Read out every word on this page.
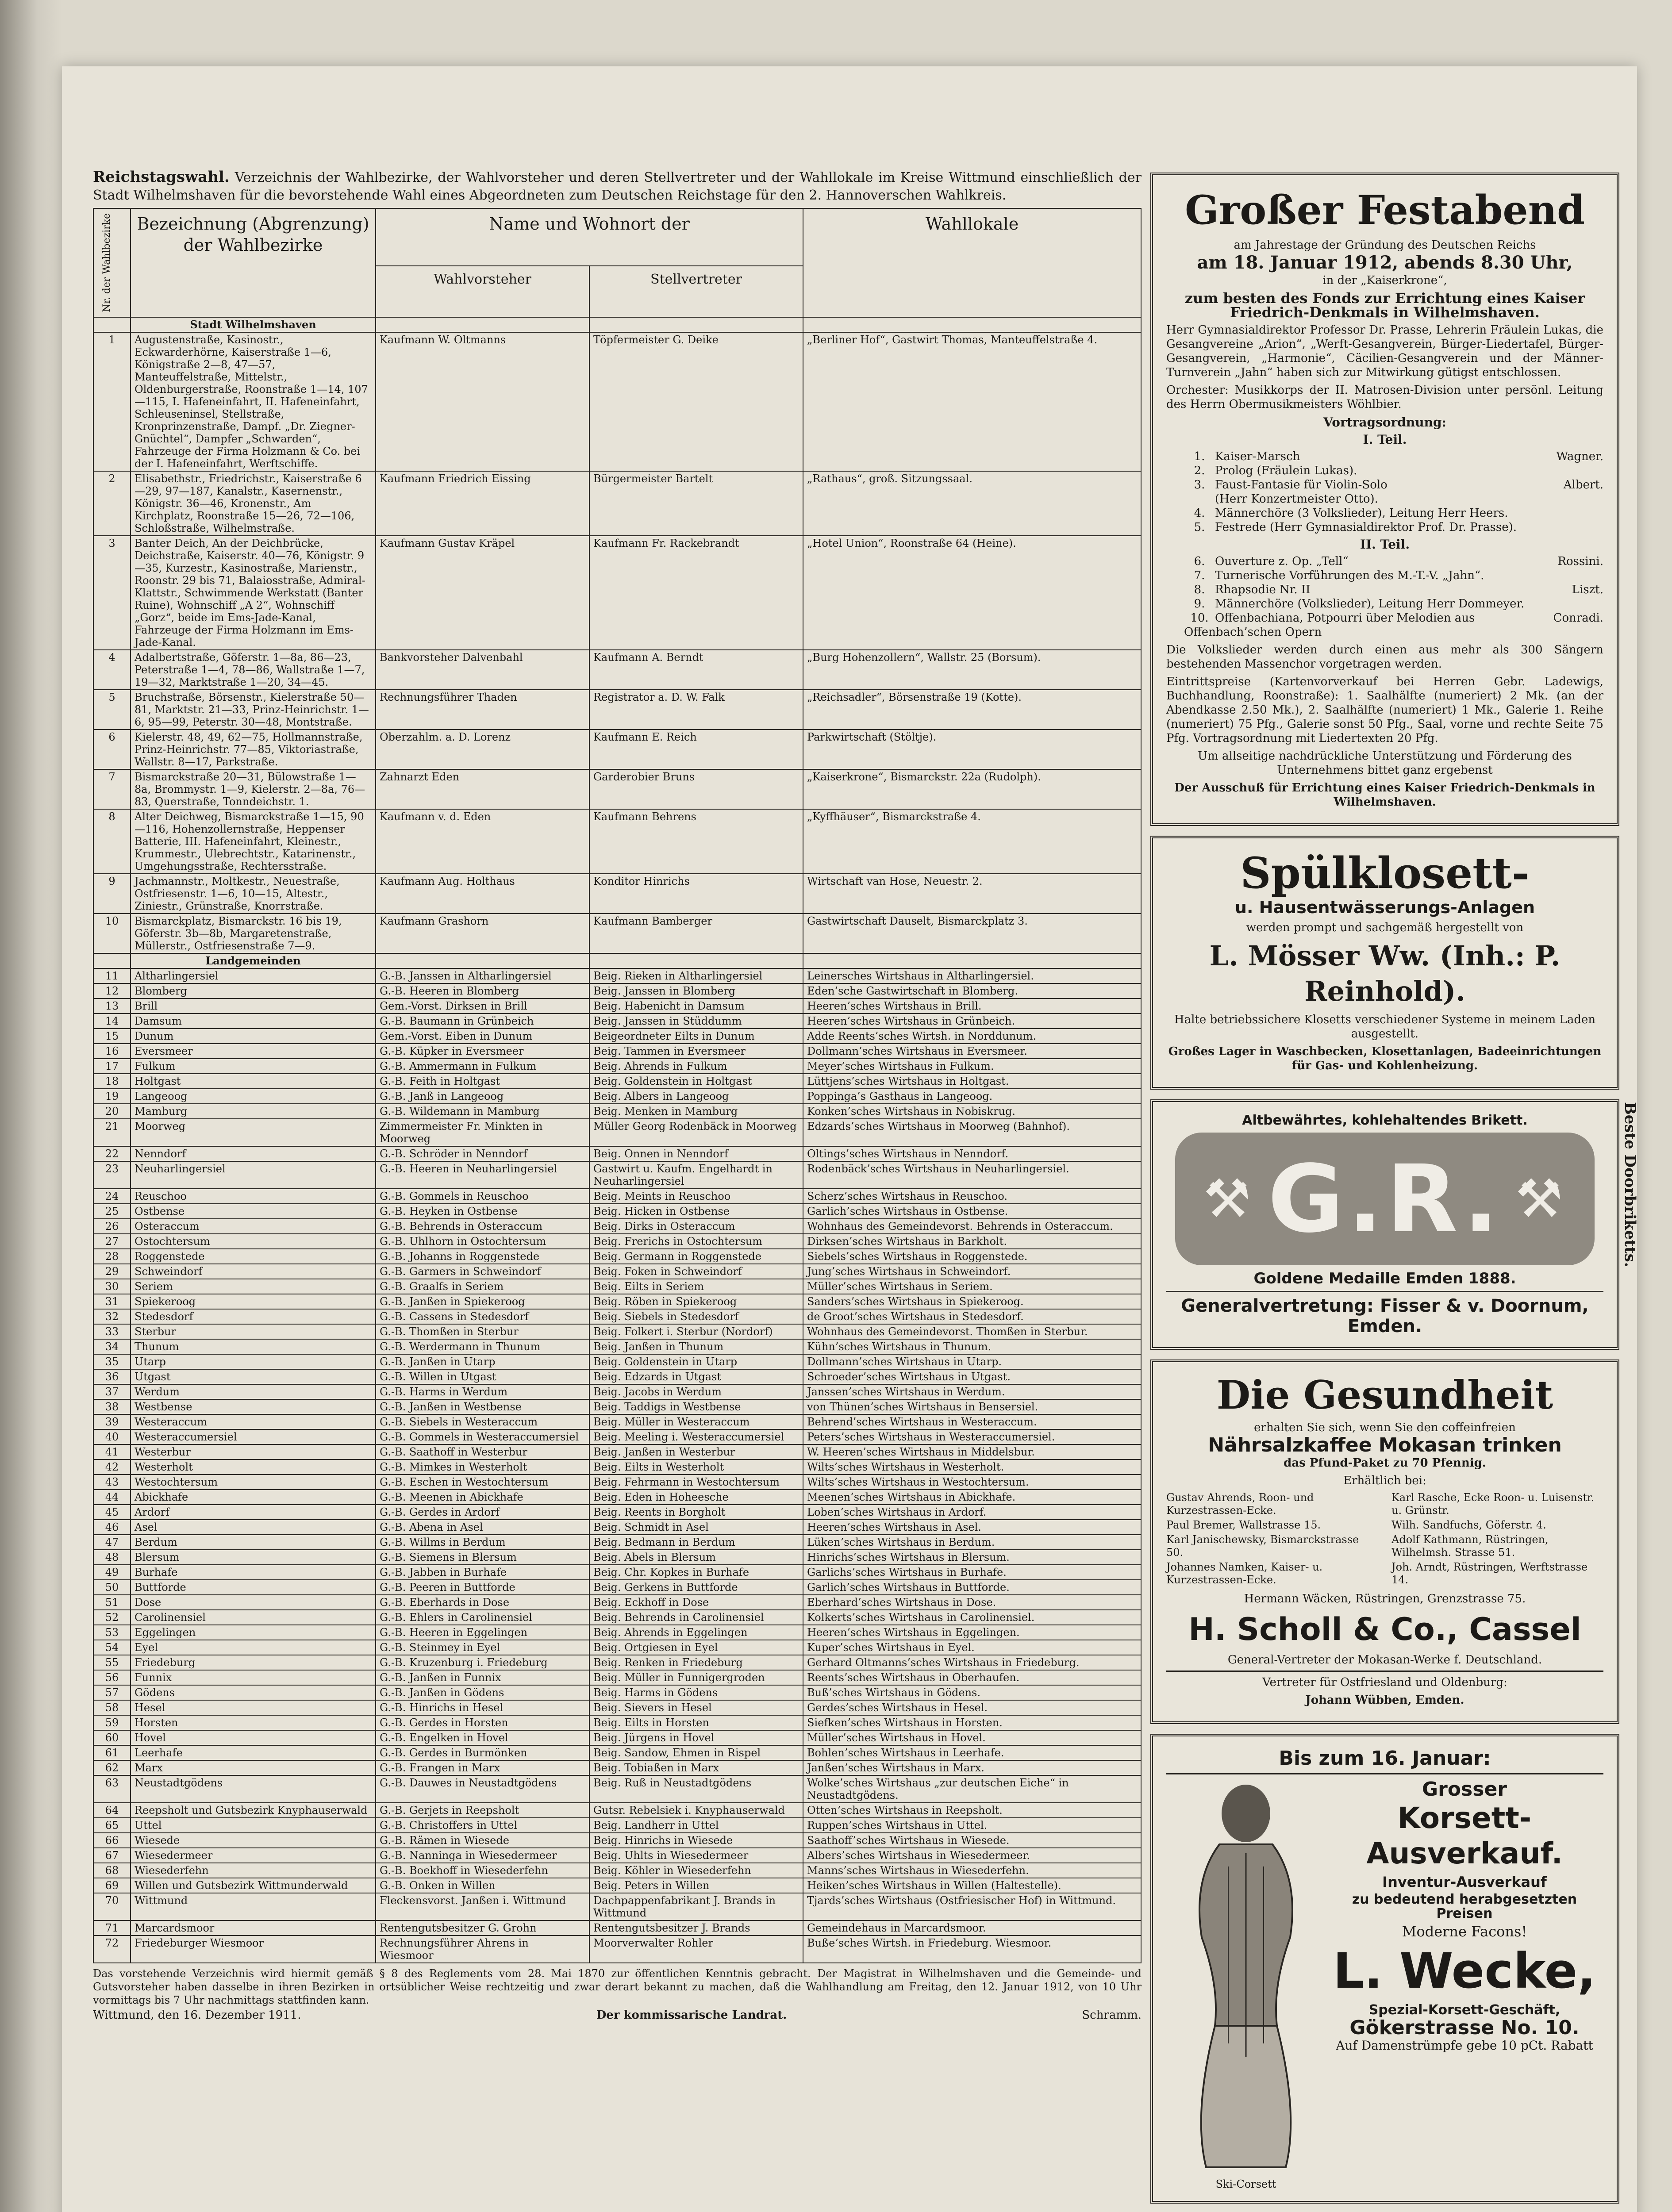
Reichstagswahl. Verzeichnis der Wahlbezirke, der Wahlvorsteher und deren Stellvertreter und der Wahllokale im Kreise Wittmund einschließlich der Stadt Wilhelmshaven für die bevorstehende Wahl eines Abgeordneten zum Deutschen Reichstage für den 2. Hannoverschen Wahlkreis.
Nr. der Wahlbezirke	Bezeichnung (Abgrenzung) der Wahlbezirke	Name und Wohnort der		Wahllokale
		Wahlvorsteher	Stellvertreter	
	Stadt Wilhelmshaven			
1	Augustenstraße, Kasinostr., Eckwarderhörne, Kaiserstraße 1—6, Königstraße 2—8, 47—57, Manteuffelstraße, Mittelstr., Oldenburgerstraße, Roonstraße 1—14, 107—115, I. Hafeneinfahrt, II. Hafeneinfahrt, Schleuseninsel, Stellstraße, Kronprinzenstraße, Dampf. „Dr. Ziegner-Gnüchtel“, Dampfer „Schwarden“, Fahrzeuge der Firma Holzmann & Co. bei der I. Hafeneinfahrt, Werftschiffe.	Kaufmann W. Oltmanns	Töpfermeister G. Deike	„Berliner Hof“, Gastwirt Thomas, Manteuffelstraße 4.
2	Elisabethstr., Friedrichstr., Kaiserstraße 6—29, 97—187, Kanalstr., Kasernenstr., Königstr. 36—46, Kronenstr., Am Kirchplatz, Roonstraße 15—26, 72—106, Schloßstraße, Wilhelmstraße.	Kaufmann Friedrich Eissing	Bürgermeister Bartelt	„Rathaus“, groß. Sitzungssaal.
3	Banter Deich, An der Deichbrücke, Deichstraße, Kaiserstr. 40—76, Königstr. 9—35, Kurzestr., Kasinostraße, Marienstr., Roonstr. 29 bis 71, Balaiosstraße, Admiral-Klattstr., Schwimmende Werkstatt (Banter Ruine), Wohnschiff „A 2“, Wohnschiff „Gorz“, beide im Ems-Jade-Kanal, Fahrzeuge der Firma Holzmann im Ems-Jade-Kanal.	Kaufmann Gustav Kräpel	Kaufmann Fr. Rackebrandt	„Hotel Union“, Roonstraße 64 (Heine).
4	Adalbertstraße, Göferstr. 1—8a, 86—23, Peterstraße 1—4, 78—86, Wallstraße 1—7, 19—32, Marktstraße 1—20, 34—45.	Bankvorsteher Dalvenbahl	Kaufmann A. Berndt	„Burg Hohenzollern“, Wallstr. 25 (Borsum).
5	Bruchstraße, Börsenstr., Kielerstraße 50—81, Marktstr. 21—33, Prinz-Heinrichstr. 1—6, 95—99, Peterstr. 30—48, Montstraße.	Rechnungsführer Thaden	Registrator a. D. W. Falk	„Reichsadler“, Börsenstraße 19 (Kotte).
6	Kielerstr. 48, 49, 62—75, Hollmannstraße, Prinz-Heinrichstr. 77—85, Viktoriastraße, Wallstr. 8—17, Parkstraße.	Oberzahlm. a. D. Lorenz	Kaufmann E. Reich	Parkwirtschaft (Stöltje).
7	Bismarckstraße 20—31, Bülowstraße 1—8a, Brommystr. 1—9, Kielerstr. 2—8a, 76—83, Querstraße, Tonndeichstr. 1.	Zahnarzt Eden	Garderobier Bruns	„Kaiserkrone“, Bismarckstr. 22a (Rudolph).
8	Alter Deichweg, Bismarckstraße 1—15, 90—116, Hohenzollernstraße, Heppenser Batterie, III. Hafeneinfahrt, Kleinestr., Krummestr., Ulebrechtstr., Katarinenstr., Umgehungsstraße, Rechtersstraße.	Kaufmann v. d. Eden	Kaufmann Behrens	„Kyffhäuser“, Bismarckstraße 4.
9	Jachmannstr., Moltkestr., Neuestraße, Ostfriesenstr. 1—6, 10—15, Altestr., Ziniestr., Grünstraße, Knorrstraße.	Kaufmann Aug. Holthaus	Konditor Hinrichs	Wirtschaft van Hose, Neuestr. 2.
10	Bismarckplatz, Bismarckstr. 16 bis 19, Göferstr. 3b—8b, Margaretenstraße, Müllerstr., Ostfriesenstraße 7—9.	Kaufmann Grashorn	Kaufmann Bamberger	Gastwirtschaft Dauselt, Bismarckplatz 3.
	Landgemeinden			
11	Altharlingersiel	G.-B. Janssen in Altharlingersiel	Beig. Rieken in Altharlingersiel	Leinersches Wirtshaus in Altharlingersiel.
12	Blomberg	G.-B. Heeren in Blomberg	Beig. Janssen in Blomberg	Eden’sche Gastwirtschaft in Blomberg.
13	Brill	Gem.-Vorst. Dirksen in Brill	Beig. Habenicht in Damsum	Heeren’sches Wirtshaus in Brill.
14	Damsum	G.-B. Baumann in Grünbeich	Beig. Janssen in Stüddumm	Heeren’sches Wirtshaus in Grünbeich.
15	Dunum	Gem.-Vorst. Eiben in Dunum	Beigeordneter Eilts in Dunum	Adde Reents’sches Wirtsh. in Norddunum.
16	Eversmeer	G.-B. Küpker in Eversmeer	Beig. Tammen in Eversmeer	Dollmann’sches Wirtshaus in Eversmeer.
17	Fulkum	G.-B. Ammermann in Fulkum	Beig. Ahrends in Fulkum	Meyer’sches Wirtshaus in Fulkum.
18	Holtgast	G.-B. Feith in Holtgast	Beig. Goldenstein in Holtgast	Lüttjens’sches Wirtshaus in Holtgast.
19	Langeoog	G.-B. Janß in Langeoog	Beig. Albers in Langeoog	Poppinga’s Gasthaus in Langeoog.
20	Mamburg	G.-B. Wildemann in Mamburg	Beig. Menken in Mamburg	Konken’sches Wirtshaus in Nobiskrug.
21	Moorweg	Zimmermeister Fr. Minkten in Moorweg	Müller Georg Rodenbäck in Moorweg	Edzards’sches Wirtshaus in Moorweg (Bahnhof).
22	Nenndorf	G.-B. Schröder in Nenndorf	Beig. Onnen in Nenndorf	Oltings’sches Wirtshaus in Nenndorf.
23	Neuharlingersiel	G.-B. Heeren in Neuharlingersiel	Gastwirt u. Kaufm. Engelhardt in Neuharlingersiel	Rodenbäck’sches Wirtshaus in Neuharlingersiel.
24	Reuschoo	G.-B. Gommels in Reuschoo	Beig. Meints in Reuschoo	Scherz’sches Wirtshaus in Reuschoo.
25	Ostbense	G.-B. Heyken in Ostbense	Beig. Hicken in Ostbense	Garlich’sches Wirtshaus in Ostbense.
26	Osteraccum	G.-B. Behrends in Osteraccum	Beig. Dirks in Osteraccum	Wohnhaus des Gemeindevorst. Behrends in Osteraccum.
27	Ostochtersum	G.-B. Uhlhorn in Ostochtersum	Beig. Frerichs in Ostochtersum	Dirksen’sches Wirtshaus in Barkholt.
28	Roggenstede	G.-B. Johanns in Roggenstede	Beig. Germann in Roggenstede	Siebels’sches Wirtshaus in Roggenstede.
29	Schweindorf	G.-B. Garmers in Schweindorf	Beig. Foken in Schweindorf	Jung’sches Wirtshaus in Schweindorf.
30	Seriem	G.-B. Graalfs in Seriem	Beig. Eilts in Seriem	Müller’sches Wirtshaus in Seriem.
31	Spiekeroog	G.-B. Janßen in Spiekeroog	Beig. Röben in Spiekeroog	Sanders’sches Wirtshaus in Spiekeroog.
32	Stedesdorf	G.-B. Cassens in Stedesdorf	Beig. Siebels in Stedesdorf	de Groot’sches Wirtshaus in Stedesdorf.
33	Sterbur	G.-B. Thomßen in Sterbur	Beig. Folkert i. Sterbur (Nordorf)	Wohnhaus des Gemeindevorst. Thomßen in Sterbur.
34	Thunum	G.-B. Werdermann in Thunum	Beig. Janßen in Thunum	Kühn’sches Wirtshaus in Thunum.
35	Utarp	G.-B. Janßen in Utarp	Beig. Goldenstein in Utarp	Dollmann’sches Wirtshaus in Utarp.
36	Utgast	G.-B. Willen in Utgast	Beig. Edzards in Utgast	Schroeder’sches Wirtshaus in Utgast.
37	Werdum	G.-B. Harms in Werdum	Beig. Jacobs in Werdum	Janssen’sches Wirtshaus in Werdum.
38	Westbense	G.-B. Janßen in Westbense	Beig. Taddigs in Westbense	von Thünen’sches Wirtshaus in Bensersiel.
39	Westeraccum	G.-B. Siebels in Westeraccum	Beig. Müller in Westeraccum	Behrend’sches Wirtshaus in Westeraccum.
40	Westeraccumersiel	G.-B. Gommels in Westeraccumersiel	Beig. Meeling i. Westeraccumersiel	Peters’sches Wirtshaus in Westeraccumersiel.
41	Westerbur	G.-B. Saathoff in Westerbur	Beig. Janßen in Westerbur	W. Heeren’sches Wirtshaus in Middelsbur.
42	Westerholt	G.-B. Mimkes in Westerholt	Beig. Eilts in Westerholt	Wilts’sches Wirtshaus in Westerholt.
43	Westochtersum	G.-B. Eschen in Westochtersum	Beig. Fehrmann in Westochtersum	Wilts’sches Wirtshaus in Westochtersum.
44	Abickhafe	G.-B. Meenen in Abickhafe	Beig. Eden in Hoheesche	Meenen’sches Wirtshaus in Abickhafe.
45	Ardorf	G.-B. Gerdes in Ardorf	Beig. Reents in Borgholt	Loben’sches Wirtshaus in Ardorf.
46	Asel	G.-B. Abena in Asel	Beig. Schmidt in Asel	Heeren’sches Wirtshaus in Asel.
47	Berdum	G.-B. Willms in Berdum	Beig. Bedmann in Berdum	Lüken’sches Wirtshaus in Berdum.
48	Blersum	G.-B. Siemens in Blersum	Beig. Abels in Blersum	Hinrichs’sches Wirtshaus in Blersum.
49	Burhafe	G.-B. Jabben in Burhafe	Beig. Chr. Kopkes in Burhafe	Garlichs’sches Wirtshaus in Burhafe.
50	Buttforde	G.-B. Peeren in Buttforde	Beig. Gerkens in Buttforde	Garlich’sches Wirtshaus in Buttforde.
51	Dose	G.-B. Eberhards in Dose	Beig. Eckhoff in Dose	Eberhard’sches Wirtshaus in Dose.
52	Carolinensiel	G.-B. Ehlers in Carolinensiel	Beig. Behrends in Carolinensiel	Kolkerts’sches Wirtshaus in Carolinensiel.
53	Eggelingen	G.-B. Heeren in Eggelingen	Beig. Ahrends in Eggelingen	Heeren’sches Wirtshaus in Eggelingen.
54	Eyel	G.-B. Steinmey in Eyel	Beig. Ortgiesen in Eyel	Kuper’sches Wirtshaus in Eyel.
55	Friedeburg	G.-B. Kruzenburg i. Friedeburg	Beig. Renken in Friedeburg	Gerhard Oltmanns’sches Wirtshaus in Friedeburg.
56	Funnix	G.-B. Janßen in Funnix	Beig. Müller in Funnigergroden	Reents’sches Wirtshaus in Oberhaufen.
57	Gödens	G.-B. Janßen in Gödens	Beig. Harms in Gödens	Buß’sches Wirtshaus in Gödens.
58	Hesel	G.-B. Hinrichs in Hesel	Beig. Sievers in Hesel	Gerdes’sches Wirtshaus in Hesel.
59	Horsten	G.-B. Gerdes in Horsten	Beig. Eilts in Horsten	Siefken’sches Wirtshaus in Horsten.
60	Hovel	G.-B. Engelken in Hovel	Beig. Jürgens in Hovel	Müller’sches Wirtshaus in Hovel.
61	Leerhafe	G.-B. Gerdes in Burmönken	Beig. Sandow, Ehmen in Rispel	Bohlen’sches Wirtshaus in Leerhafe.
62	Marx	G.-B. Frangen in Marx	Beig. Tobiaßen in Marx	Janßen’sches Wirtshaus in Marx.
63	Neustadtgödens	G.-B. Dauwes in Neustadtgödens	Beig. Ruß in Neustadtgödens	Wolke’sches Wirtshaus „zur deutschen Eiche“ in Neustadtgödens.
64	Reepsholt und Gutsbezirk Knyphauserwald	G.-B. Gerjets in Reepsholt	Gutsr. Rebelsiek i. Knyphauserwald	Otten’sches Wirtshaus in Reepsholt.
65	Uttel	G.-B. Christoffers in Uttel	Beig. Landherr in Uttel	Ruppen’sches Wirtshaus in Uttel.
66	Wiesede	G.-B. Rämen in Wiesede	Beig. Hinrichs in Wiesede	Saathoff’sches Wirtshaus in Wiesede.
67	Wiesedermeer	G.-B. Nanninga in Wiesedermeer	Beig. Uhlts in Wiesedermeer	Albers’sches Wirtshaus in Wiesedermeer.
68	Wiesederfehn	G.-B. Boekhoff in Wiesederfehn	Beig. Köhler in Wiesederfehn	Manns’sches Wirtshaus in Wiesederfehn.
69	Willen und Gutsbezirk Wittmunderwald	G.-B. Onken in Willen	Beig. Peters in Willen	Heiken’sches Wirtshaus in Willen (Haltestelle).
70	Wittmund	Fleckensvorst. Janßen i. Wittmund	Dachpappenfabrikant J. Brands in Wittmund	Tjards’sches Wirtshaus (Ostfriesischer Hof) in Wittmund.
71	Marcardsmoor	Rentengutsbesitzer G. Grohn	Rentengutsbesitzer J. Brands	Gemeindehaus in Marcardsmoor.
72	Friedeburger Wiesmoor	Rechnungsführer Ahrens in Wiesmoor	Moorverwalter Rohler	Buße’sches Wirtsh. in Friedeburg. Wiesmoor.
Das vorstehende Verzeichnis wird hiermit gemäß § 8 des Reglements vom 28. Mai 1870 zur öffentlichen Kenntnis gebracht. Der Magistrat in Wilhelmshaven und die Gemeinde- und Gutsvorsteher haben dasselbe in ihren Bezirken in ortsüblicher Weise rechtzeitig und zwar derart bekannt zu machen, daß die Wahlhandlung am Freitag, den 12. Januar 1912, von 10 Uhr vormittags bis 7 Uhr nachmittags stattfinden kann.
Wittmund, den 16. Dezember 1911.	Der kommissarische Landrat.	Schramm.
Großer Festabend

am Jahrestage der Gründung des Deutschen Reichs

am 18. Januar 1912, abends 8.30 Uhr,

in der „Kaiserkrone“,

zum besten des Fonds zur Errichtung eines Kaiser Friedrich-Denkmals in Wilhelmshaven.

Herr Gymnasialdirektor Professor Dr. Prasse, Lehrerin Fräulein Lukas, die Gesangvereine „Arion“, „Werft-Gesangverein, Bürger-Liedertafel, Bürger-Gesangverein, „Harmonie“, Cäcilien-Gesangverein und der Männer-Turnverein „Jahn“ haben sich zur Mitwirkung gütigst entschlossen.

Orchester: Musikkorps der II. Matrosen-Division unter persönl. Leitung des Herrn Obermusikmeisters Wöhlbier.

Vortragsordnung:
I. Teil.
1. Kaiser-Marsch	Wagner.
2. Prolog (Fräulein Lukas).
3. Faust-Fantasie für Violin-Solo	Albert.
(Herr Konzertmeister Otto).
4. Männerchöre (3 Volkslieder), Leitung Herr Heers.
5. Festrede (Herr Gymnasialdirektor Prof. Dr. Prasse).
II. Teil.
6. Ouverture z. Op. „Tell“	Rossini.
7. Turnerische Vorführungen des M.-T.-V. „Jahn“.
8. Rhapsodie Nr. II	Liszt.
9. Männerchöre (Volkslieder), Leitung Herr Dommeyer.
10. Offenbachiana, Potpourri über Melodien aus Offenbach’schen Opern
Conradi.

Die Volkslieder werden durch einen aus mehr als 300 Sängern bestehenden Massenchor vorgetragen werden.

Eintrittspreise (Kartenvorverkauf bei Herren Gebr. Ladewigs, Buchhandlung, Roonstraße): 1. Saalhälfte (numeriert) 2 Mk. (an der Abendkasse 2.50 Mk.), 2. Saalhälfte (numeriert) 1 Mk., Galerie 1. Reihe (numeriert) 75 Pfg., Galerie sonst 50 Pfg., Saal, vorne und rechte Seite 75 Pfg. Vortragsordnung mit Liedertexten 20 Pfg.

Um allseitige nachdrückliche Unterstützung und Förderung des Unternehmens bittet ganz ergebenst

Der Ausschuß für Errichtung eines Kaiser Friedrich-Denkmals in Wilhelmshaven.

Spülklosett-
u. Hausentwässerungs-Anlagen

werden prompt und sachgemäß hergestellt von

L. Mösser Ww. (Inh.: P. Reinhold).

Halte betriebssichere Klosetts verschiedener Systeme in meinem Laden ausgestellt.

Großes Lager in Waschbecken, Klosettanlagen, Badeeinrichtungen für Gas- und Kohlenheizung.

Altbewährtes, kohlehaltendes Brikett.
⚒ G.R. ⚒
Goldene Medaille Emden 1888.
Generalvertretung: Fisser & v. Doornum, Emden.
Beste Doorbriketts.
Die Gesundheit

erhalten Sie sich, wenn Sie den coffeinfreien

Nährsalzkaffee Mokasan trinken

das Pfund-Paket zu 70 Pfennig.

Erhältlich bei:

Gustav Ahrends, Roon- und Kurzestrassen-Ecke.
Paul Bremer, Wallstrasse 15.
Karl Janischewsky, Bismarckstrasse 50.
Johannes Namken, Kaiser- u. Kurzestrassen-Ecke.
Karl Rasche, Ecke Roon- u. Luisenstr. u. Grünstr.
Wilh. Sandfuchs, Göferstr. 4.
Adolf Kathmann, Rüstringen, Wilhelmsh. Strasse 51.
Joh. Arndt, Rüstringen, Werftstrasse 14.

Hermann Wäcken, Rüstringen, Grenzstrasse 75.

H. Scholl & Co., Cassel

General-Vertreter der Mokasan-Werke f. Deutschland.

Vertreter für Ostfriesland und Oldenburg:

Johann Wübben, Emden.

Bis zum 16. Januar:
Ski-Corsett
Grosser
Korsett-Ausverkauf.

Inventur-Ausverkauf

zu bedeutend herabgesetzten Preisen

Moderne Facons!

L. Wecke,

Spezial-Korsett-Geschäft,

Gökerstrasse No. 10.

Auf Damenstrümpfe gebe 10 pCt. Rabatt
